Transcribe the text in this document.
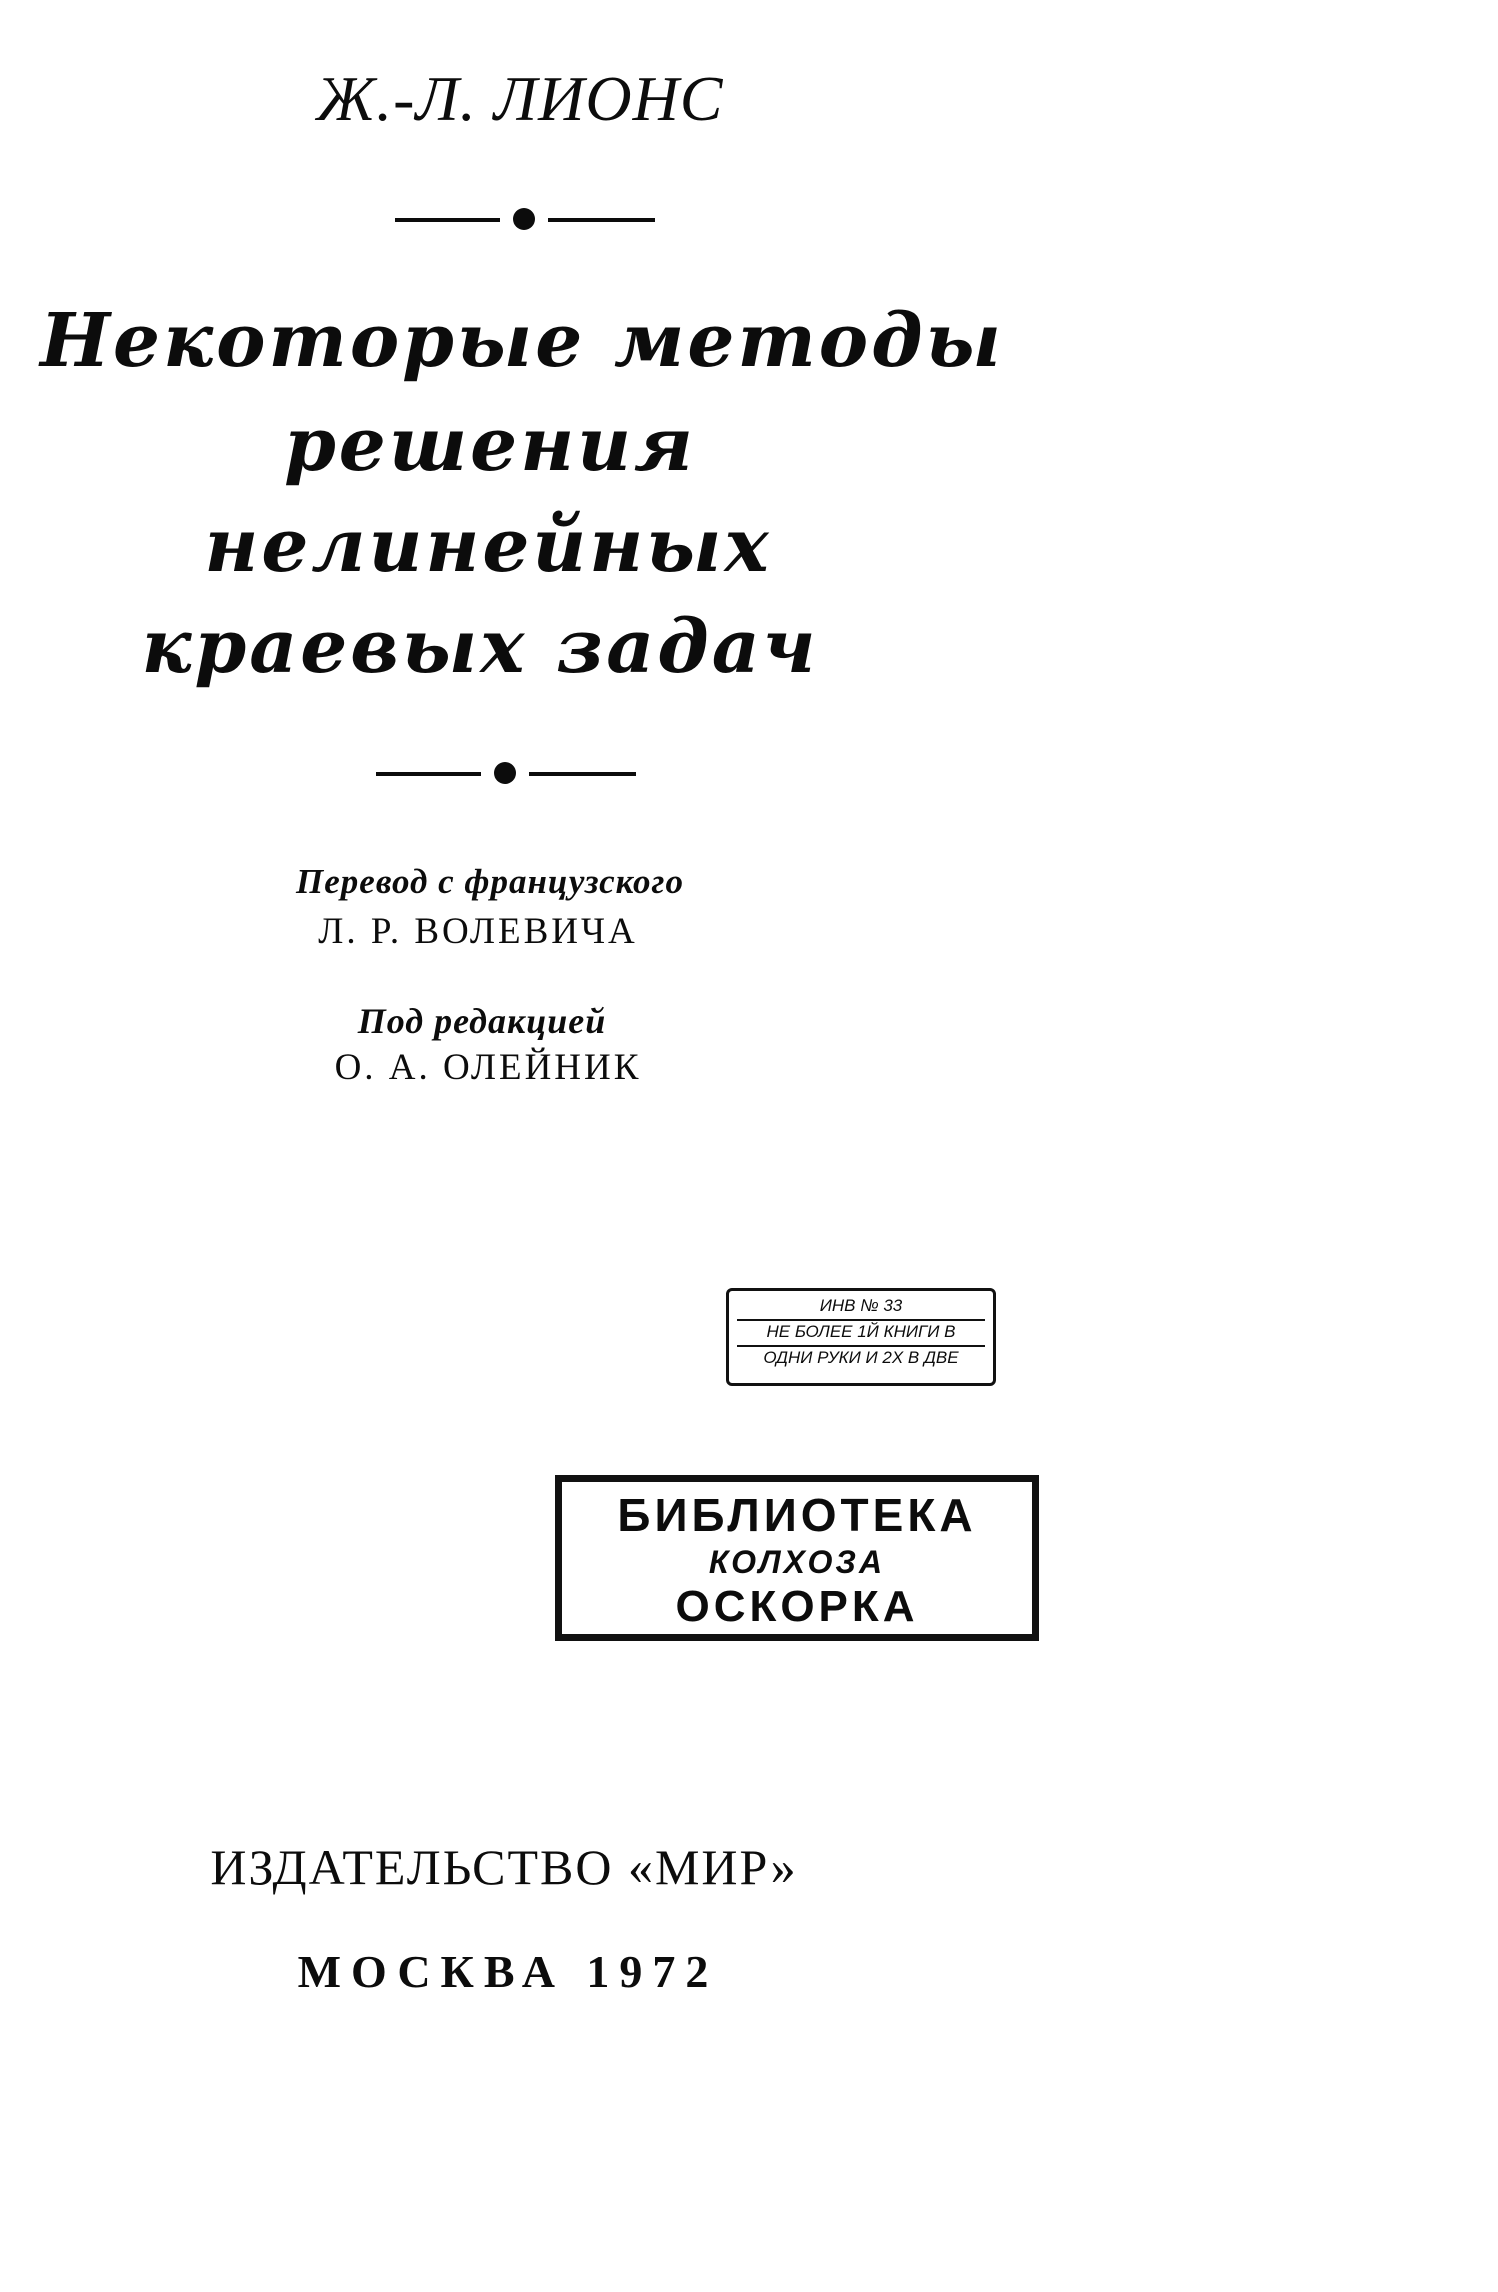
Ж.-Л. ЛИОНС
Некоторые методы
решения
нелинейных
краевых задач
Перевод с французского
Л. Р. ВОЛЕВИЧА
Под редакцией
О. А. ОЛЕЙНИК
ИНВ № 33
НЕ БОЛЕЕ 1Й КНИГИ В
ОДНИ РУКИ И 2Х В ДВЕ
БИБЛИОТЕКА
КОЛХОЗА
ОСКОРКА
ИЗДАТЕЛЬСТВО «МИР»
МОСКВА 1972
